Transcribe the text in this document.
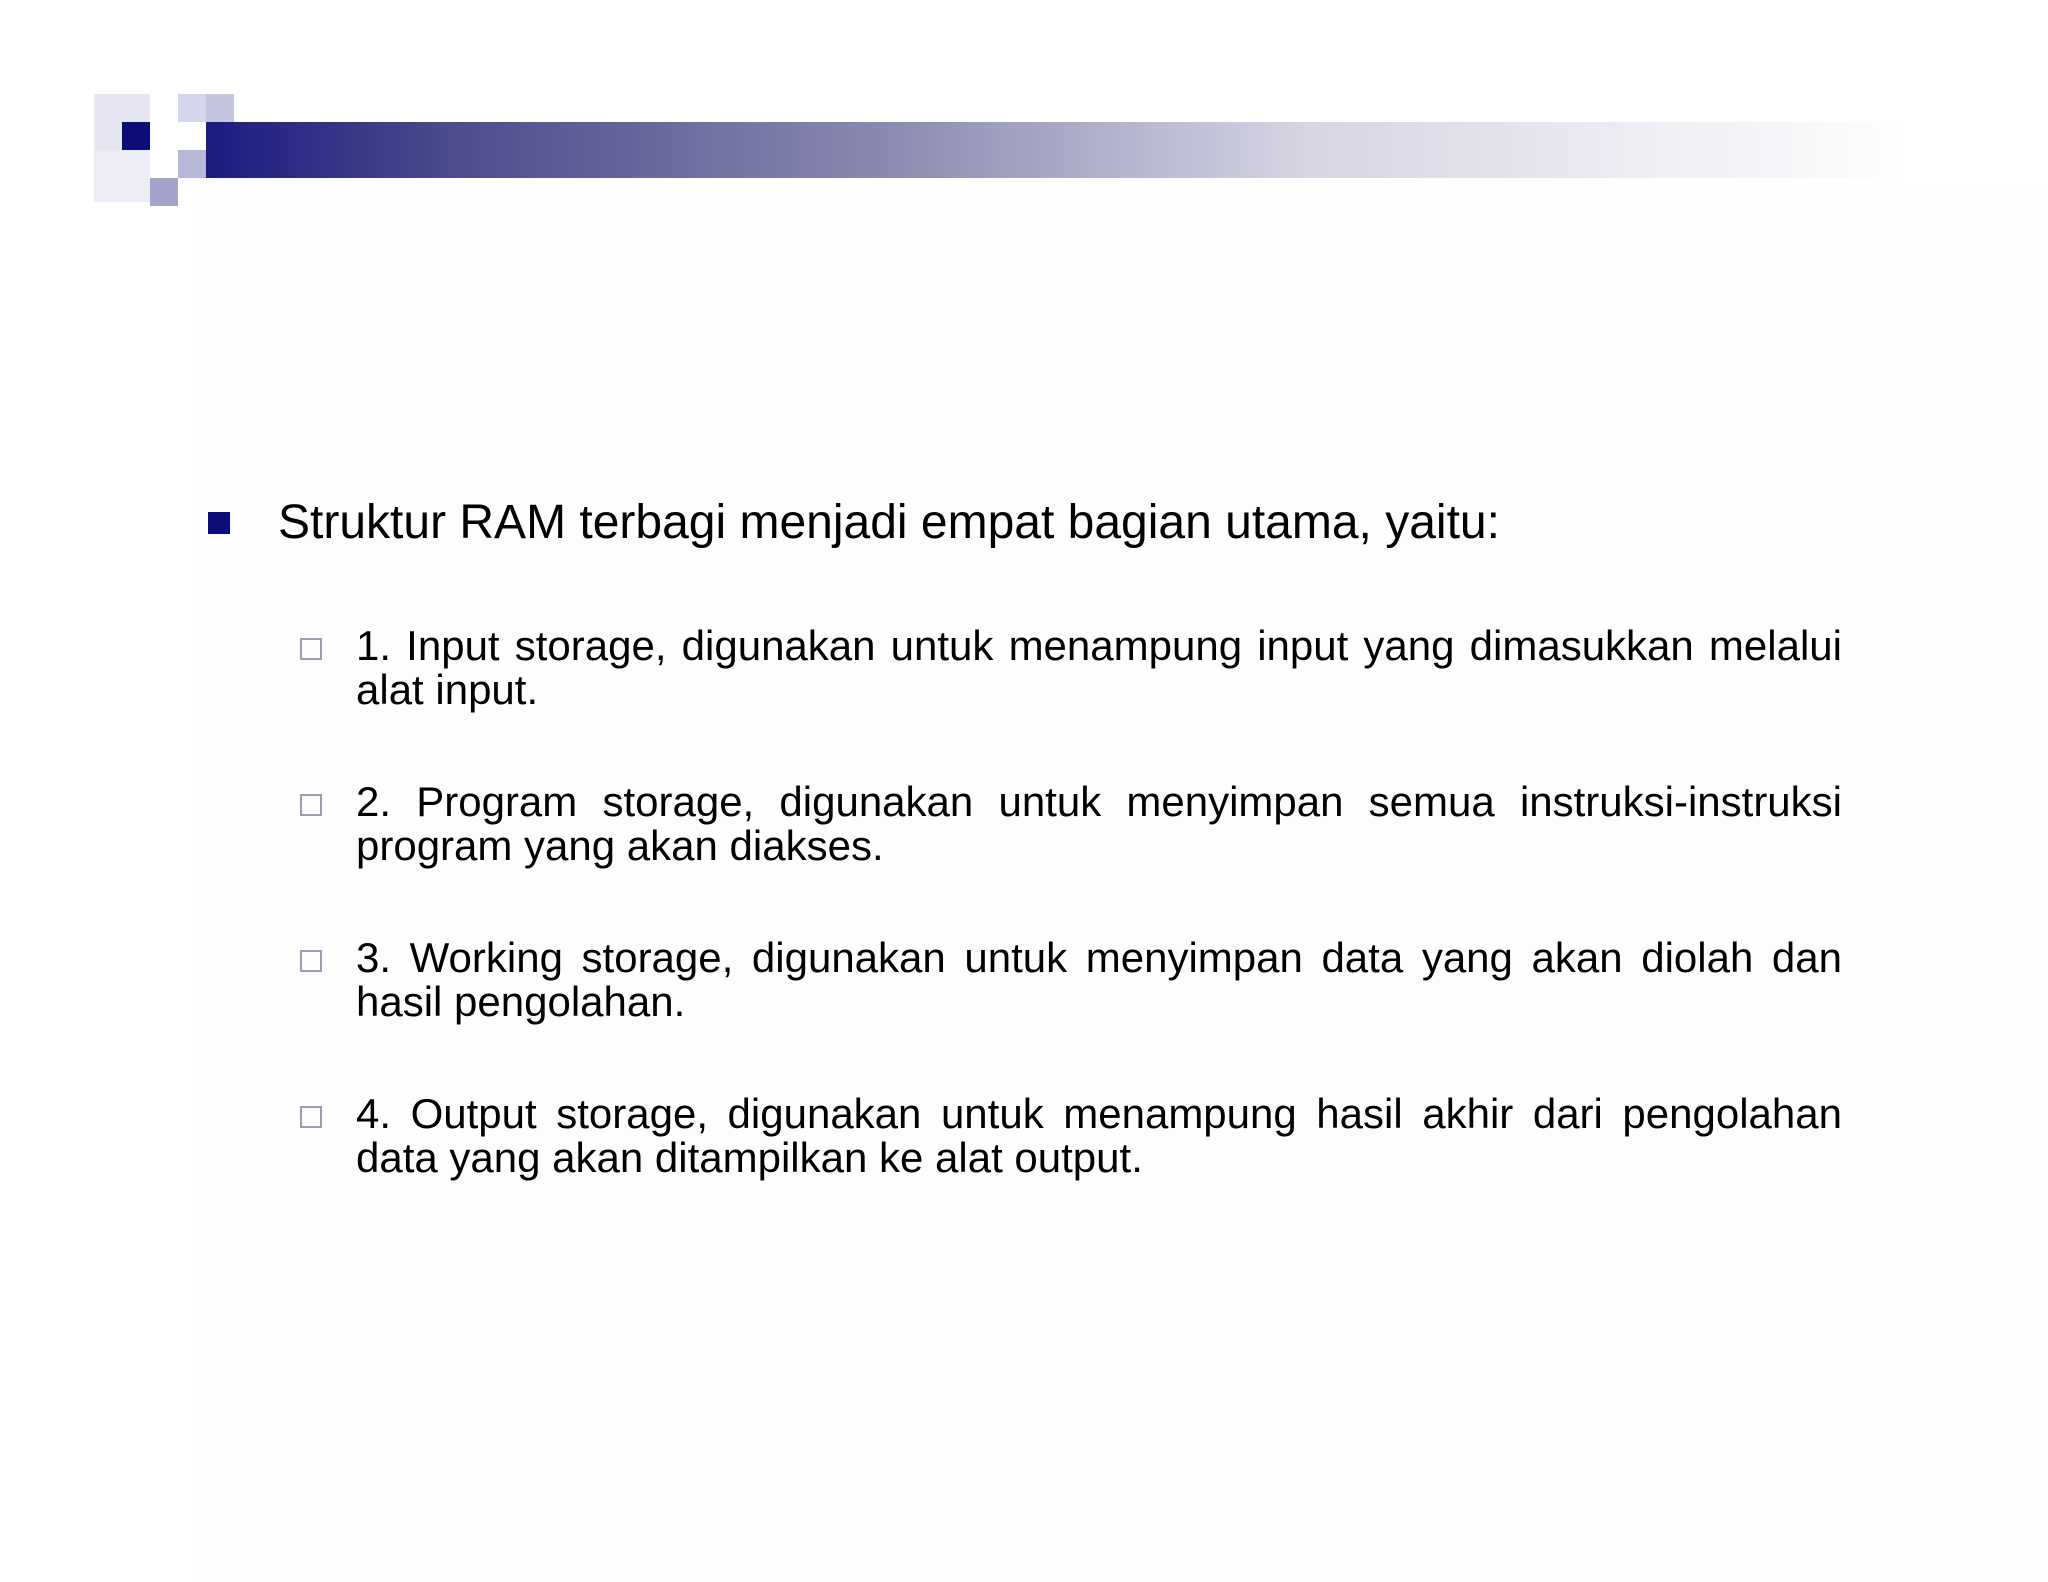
Struktur RAM terbagi menjadi empat bagian utama, yaitu:
1. Input storage, digunakan untuk menampung input yang dimasukkan melalui alat input.
2. Program storage, digunakan untuk menyimpan semua instruksi-instruksi program yang akan diakses.
3. Working storage, digunakan untuk menyimpan data yang akan diolah dan hasil pengolahan.
4. Output storage, digunakan untuk menampung hasil akhir dari pengolahan data yang akan ditampilkan ke alat output.
